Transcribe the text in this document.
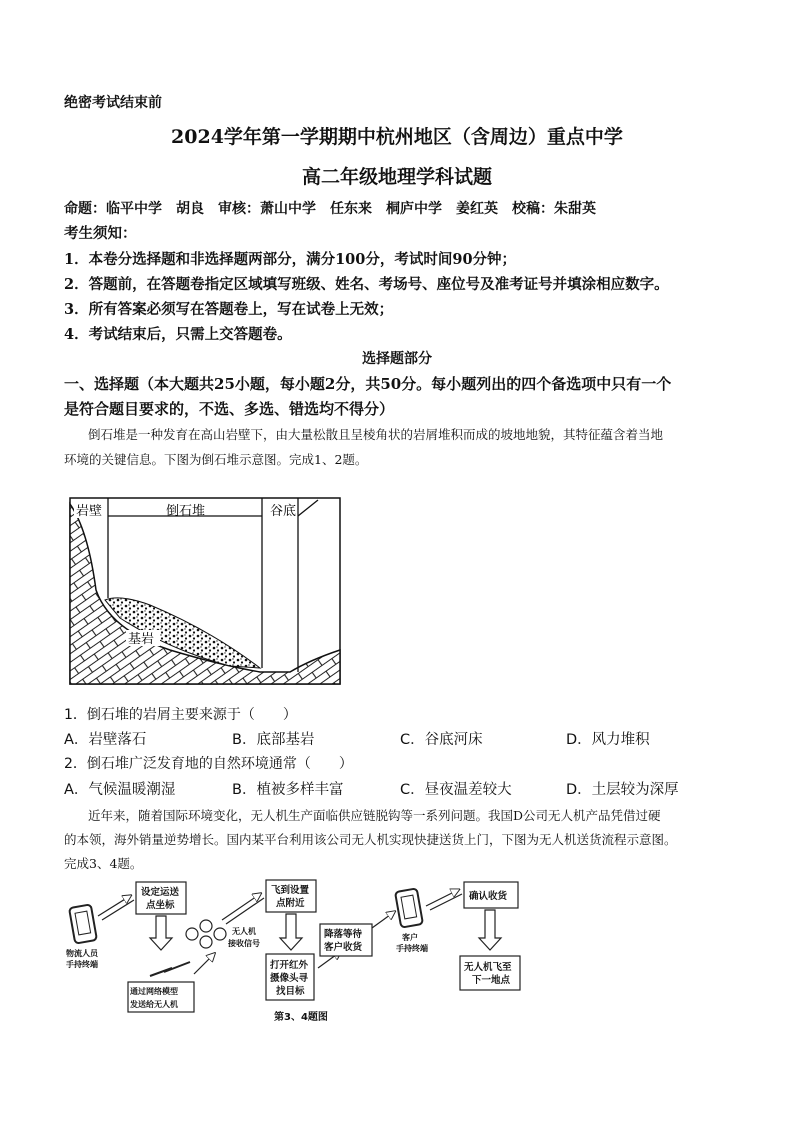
绝密考试结束前
2024学年第一学期期中杭州地区（含周边）重点中学
高二年级地理学科试题
命题：临平中学　胡良　审核：萧山中学　任东来　桐庐中学　姜红英　校稿：朱甜英
考生须知：
1．本卷分选择题和非选择题两部分，满分100分，考试时间90分钟；
2．答题前，在答题卷指定区域填写班级、姓名、考场号、座位号及准考证号并填涂相应数字。
3．所有答案必须写在答题卷上，写在试卷上无效；
4．考试结束后，只需上交答题卷。
选择题部分
一、选择题（本大题共25小题，每小题2分，共50分。每小题列出的四个备选项中只有一个
是符合题目要求的，不选、多选、错选均不得分）
倒石堆是一种发育在高山岩壁下，由大量松散且呈棱角状的岩屑堆积而成的坡地地貌，其特征蕴含着当地
环境的关键信息。下图为倒石堆示意图。完成1、2题。
岩壁	倒石堆	谷底
基岩
1．倒石堆的岩屑主要来源于（　　）
A．岩壁落石	B．底部基岩	C．谷底河床	D．风力堆积
2．倒石堆广泛发育地的自然环境通常（　　）
A．气候温暖潮湿	B．植被多样丰富	C．昼夜温差较大	D．土层较为深厚
近年来，随着国际环境变化，无人机生产面临供应链脱钩等一系列问题。我国D公司无人机产品凭借过硬
的本领，海外销量逆势增长。国内某平台利用该公司无人机实现快捷送货上门，下图为无人机送货流程示意图。
完成3、4题。
物流人员
手持终端
设定运送
点坐标
通过网络模型
发送给无人机
无人机
接收信号
飞到设置
点附近
打开红外
摄像头寻
找目标
降落等待
客户收货
客户
手持终端
确认收货
无人机飞至
下一地点
第3、4题图
